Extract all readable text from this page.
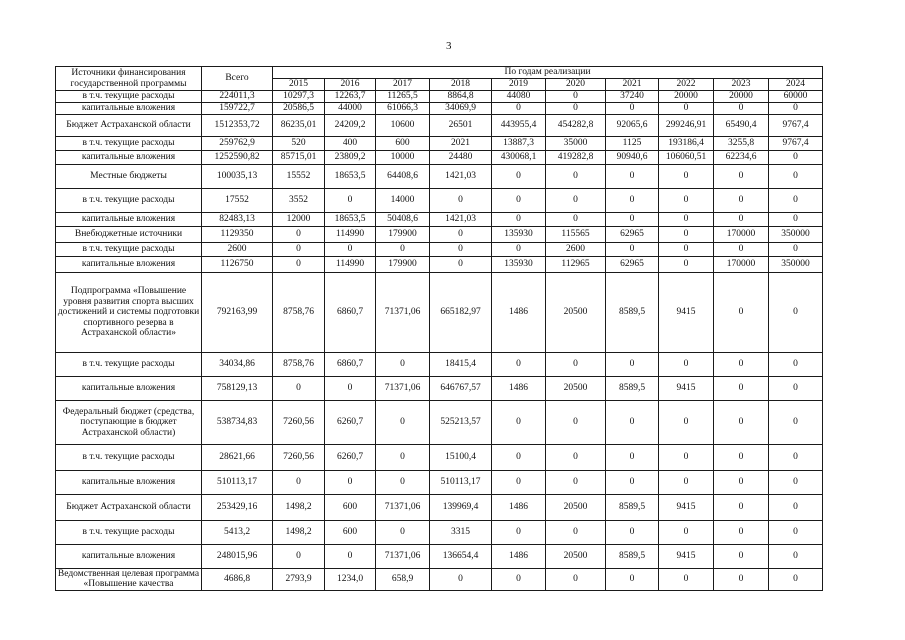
3
Источники финансирования государственной программы	Всего	По годам реализации									
		2015	2016	2017	2018	2019	2020	2021	2022	2023	2024
в т.ч. текущие расходы	224011,3	10297,3	12263,7	11265,5	8864,8	44080	0	37240	20000	20000	60000
капитальные вложения	159722,7	20586,5	44000	61066,3	34069,9	0	0	0	0	0	0
Бюджет Астраханской области	1512353,72	86235,01	24209,2	10600	26501	443955,4	454282,8	92065,6	299246,91	65490,4	9767,4
в т.ч. текущие расходы	259762,9	520	400	600	2021	13887,3	35000	1125	193186,4	3255,8	9767,4
капитальные вложения	1252590,82	85715,01	23809,2	10000	24480	430068,1	419282,8	90940,6	106060,51	62234,6	0
Местные бюджеты	100035,13	15552	18653,5	64408,6	1421,03	0	0	0	0	0	0
в т.ч. текущие расходы	17552	3552	0	14000	0	0	0	0	0	0	0
капитальные вложения	82483,13	12000	18653,5	50408,6	1421,03	0	0	0	0	0	0
Внебюджетные источники	1129350	0	114990	179900	0	135930	115565	62965	0	170000	350000
в т.ч. текущие расходы	2600	0	0	0	0	0	2600	0	0	0	0
капитальные вложения	1126750	0	114990	179900	0	135930	112965	62965	0	170000	350000
Подпрограмма «Повышение уровня развития спорта высших достижений и системы подготовки спортивного резерва в Астраханской области»	792163,99	8758,76	6860,7	71371,06	665182,97	1486	20500	8589,5	9415	0	0
в т.ч. текущие расходы	34034,86	8758,76	6860,7	0	18415,4	0	0	0	0	0	0
капитальные вложения	758129,13	0	0	71371,06	646767,57	1486	20500	8589,5	9415	0	0
Федеральный бюджет (средства, поступающие в бюджет Астраханской области)	538734,83	7260,56	6260,7	0	525213,57	0	0	0	0	0	0
в т.ч. текущие расходы	28621,66	7260,56	6260,7	0	15100,4	0	0	0	0	0	0
капитальные вложения	510113,17	0	0	0	510113,17	0	0	0	0	0	0
Бюджет Астраханской области	253429,16	1498,2	600	71371,06	139969,4	1486	20500	8589,5	9415	0	0
в т.ч. текущие расходы	5413,2	1498,2	600	0	3315	0	0	0	0	0	0
капитальные вложения	248015,96	0	0	71371,06	136654,4	1486	20500	8589,5	9415	0	0
Ведомственная целевая программа «Повышение качества	4686,8	2793,9	1234,0	658,9	0	0	0	0	0	0	0
